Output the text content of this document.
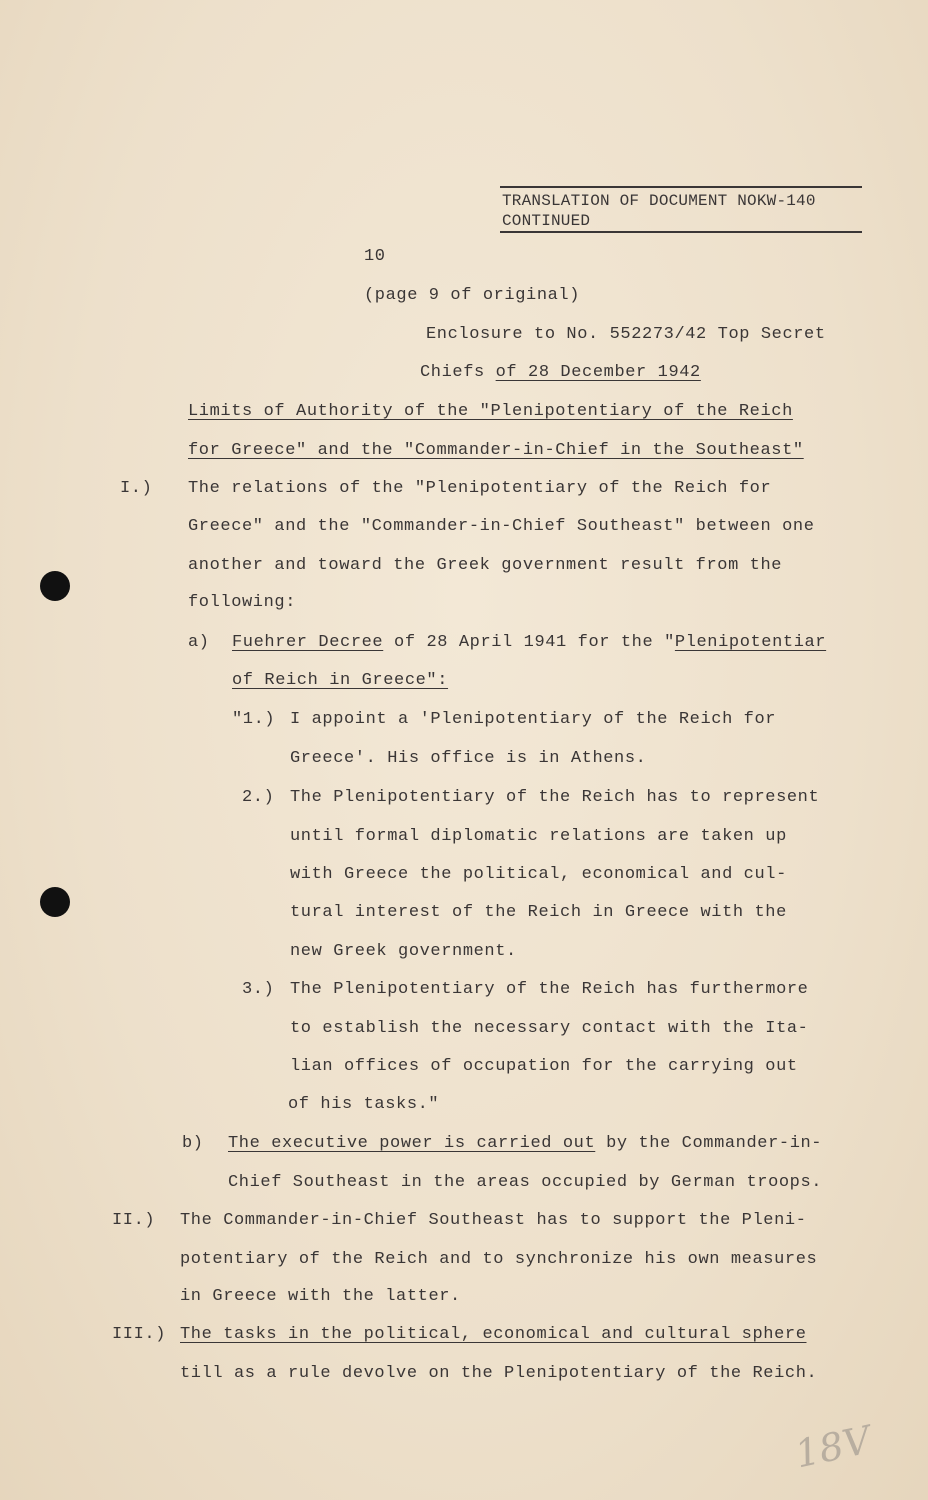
TRANSLATION OF DOCUMENT NOKW-140
CONTINUED
10
(page 9 of original)
Enclosure to No. 552273/42 Top Secret
Chiefs of 28 December 1942
Limits of Authority of the "Plenipotentiary of the Reich
for Greece" and the "Commander-in-Chief in the Southeast"
I.) The relations of the "Plenipotentiary of the Reich for
Greece" and the "Commander-in-Chief Southeast" between one
another and toward the Greek government result from the
following:
a) Fuehrer Decree of 28 April 1941 for the "Plenipotentiar
of Reich in Greece":
"1.) I appoint a 'Plenipotentiary of the Reich for
Greece'. His office is in Athens.
2.) The Plenipotentiary of the Reich has to represent
until formal diplomatic relations are taken up
with Greece the political, economical and cul-
tural interest of the Reich in Greece with the
new Greek government.
3.) The Plenipotentiary of the Reich has furthermore
to establish the necessary contact with the Ita-
lian offices of occupation for the carrying out
of his tasks."
b) The executive power is carried out by the Commander-in-
Chief Southeast in the areas occupied by German troops.
II.) The Commander-in-Chief Southeast has to support the Pleni-
potentiary of the Reich and to synchronize his own measures
in Greece with the latter.
III.) The tasks in the political, economical and cultural sphere
till as a rule devolve on the Plenipotentiary of the Reich.
18V
